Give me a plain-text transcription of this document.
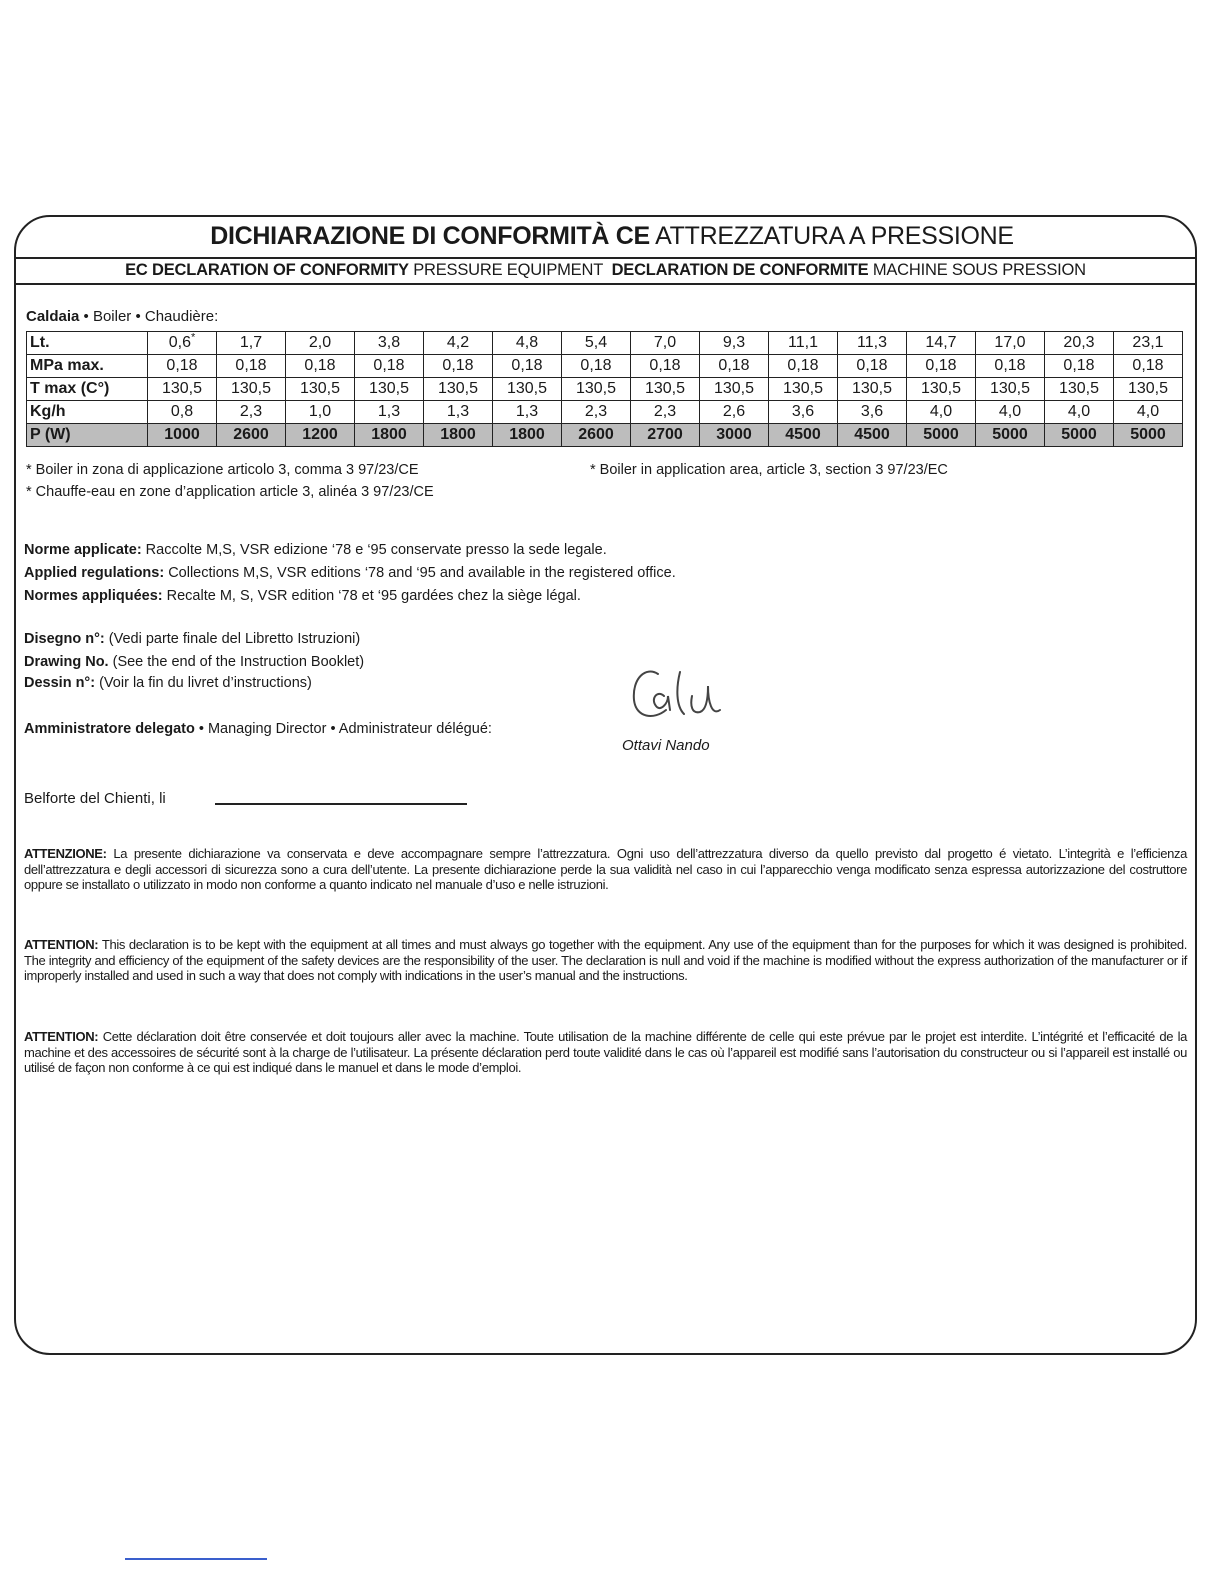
DICHIARAZIONE DI CONFORMITÀ CE ATTREZZATURA A PRESSIONE
EC DECLARATION OF CONFORMITY PRESSURE EQUIPMENT DECLARATION DE CONFORMITE MACHINE SOUS PRESSION
Caldaia • Boiler • Chaudière:
Lt.	0,6*	1,7	2,0	3,8	4,2	4,8	5,4	7,0	9,3	11,1	11,3	14,7	17,0	20,3	23,1
MPa max.	0,18	0,18	0,18	0,18	0,18	0,18	0,18	0,18	0,18	0,18	0,18	0,18	0,18	0,18	0,18
T max (C°)	130,5	130,5	130,5	130,5	130,5	130,5	130,5	130,5	130,5	130,5	130,5	130,5	130,5	130,5	130,5
Kg/h	0,8	2,3	1,0	1,3	1,3	1,3	2,3	2,3	2,6	3,6	3,6	4,0	4,0	4,0	4,0
P (W)	1000	2600	1200	1800	1800	1800	2600	2700	3000	4500	4500	5000	5000	5000	5000
* Boiler in zona di applicazione articolo 3, comma 3 97/23/CE	* Boiler in application area, article 3, section 3 97/23/EC
* Chauffe-eau en zone d’application article 3, alinéa 3 97/23/CE
Norme applicate: Raccolte M,S, VSR edizione ‘78 e ‘95 conservate presso la sede legale.
Applied regulations: Collections M,S, VSR editions ‘78 and ‘95 and available in the registered office.
Normes appliquées: Recalte M, S, VSR edition ‘78 et ‘95 gardées chez la siège légal.
Disegno n°: (Vedi parte finale del Libretto Istruzioni)
Drawing No. (See the end of the Instruction Booklet)
Dessin n°: (Voir la fin du livret d’instructions)
Amministratore delegato • Managing Director • Administrateur délégué:
Ottavi Nando
Belforte del Chienti, li
ATTENZIONE: La presente dichiarazione va conservata e deve accompagnare sempre l’attrezzatura. Ogni uso dell’attrezzatura diverso da quello previsto dal progetto é vietato. L’integrità e l’efficienza dell’attrezzatura e degli accessori di sicurezza sono a cura dell’utente. La presente dichiarazione perde la sua validità nel caso in cui l’apparecchio venga modificato senza espressa autorizzazione del costruttore oppure se installato o utilizzato in modo non conforme a quanto indicato nel manuale d’uso e nelle istruzioni.
ATTENTION: This declaration is to be kept with the equipment at all times and must always go together with the equipment. Any use of the equipment than for the purposes for which it was designed is prohibited. The integrity and efficiency of the equipment of the safety devices are the responsibility of the user. The declaration is null and void if the machine is modified without the express authorization of the manufacturer or if improperly installed and used in such a way that does not comply with indications in the user’s manual and the instructions.
ATTENTION: Cette déclaration doit être conservée et doit toujours aller avec la machine. Toute utilisation de la machine différente de celle qui este prévue par le projet est interdite. L’intégrité et l’efficacité de la machine et des accessoires de sécurité sont à la charge de l’utilisateur. La présente déclaration perd toute validité dans le cas où l’appareil est modifié sans l’autorisation du constructeur ou si l’appareil est installé ou utilisé de façon non conforme à ce qui est indiqué dans le manuel et dans le mode d’emploi.
